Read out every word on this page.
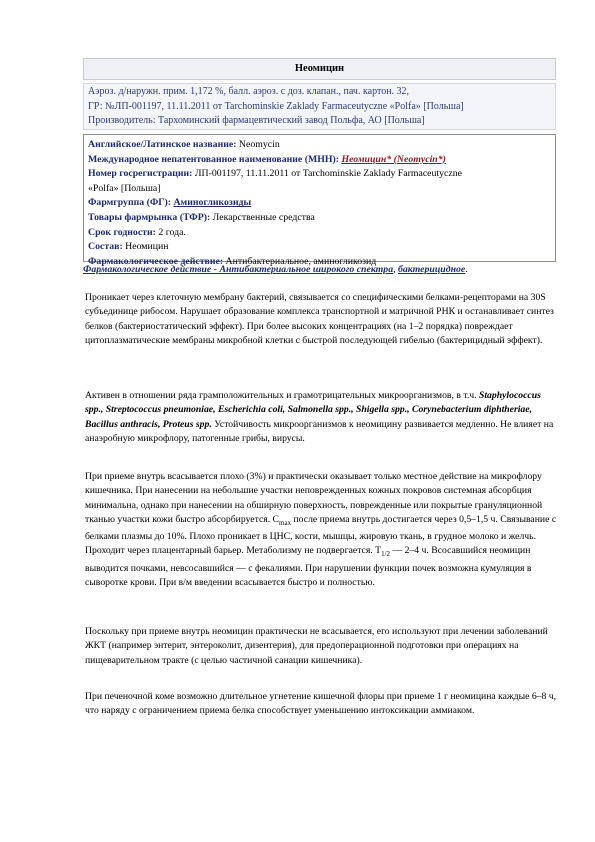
Неомицин
Аэроз. д/наружн. прим. 1,172 %, балл. аэроз. с доз. клапан., пач. картон. 32,
ГР: №ЛП-001197, 11.11.2011 от Tarchominskie Zaklady Farmaceutyczne «Polfa» [Польша]
Производитель: Тархоминский фармацевтический завод Польфа, АО [Польша]
Английское/Латинское название: Neomycin
Международное непатентованное наименование (МНН): Неомицин* (Neomycin*)
Номер госрегистрации: ЛП-001197, 11.11.2011 от Tarchominskie Zaklady Farmaceutyczne
«Polfa» [Польша]
Фармгруппа (ФГ): Аминогликозиды
Товары фармрынка (ТФР): Лекарственные средства
Срок годности: 2 года.
Состав: Неомицин
Фармакологическое действие: Антибактериальное, аминогликозид
Фармакологическое действие - Антибактериальное широкого спектра, бактерицидное.

Проникает через клеточную мембрану бактерий, связывается со специфическими белками-рецепторами на 30S субъединице рибосом. Нарушает образование комплекса транспортной и матричной РНК и останавливает синтез белков (бактериостатический эффект). При более высоких концентрациях (на 1–2 порядка) повреждает цитоплазматические мембраны микробной клетки с быстрой последующей гибелью (бактерицидный эффект).

Активен в отношении ряда грамположительных и грамотрицательных микроорганизмов, в т.ч. Staphylococcus spp., Streptococcus pneumoniae, Escherichia coli, Salmonella spp., Shigella spp., Corynebacterium diphtheriae, Bacillus anthracis, Proteus spp. Устойчивость микроорганизмов к неомицину развивается медленно. Не влияет на анаэробную микрофлору, патогенные грибы, вирусы.

При приеме внутрь всасывается плохо (3%) и практически оказывает только местное действие на микрофлору кишечника. При нанесении на небольшие участки неповрежденных кожных покровов системная абсорбция минимальна, однако при нанесении на обширную поверхность, поврежденные или покрытые грануляционной тканью участки кожи быстро абсорбируется. $C_{max}$ после приема внутрь достигается через 0,5–1,5 ч. Связывание с белками плазмы до 10%. Плохо проникает в ЦНС, кости, мышцы, жировую ткань, в грудное молоко и желчь. Проходит через плацентарный барьер. Метаболизму не подвергается. $T_{1/2}$ — 2–4 ч. Всосавшийся неомицин выводится почками, невсосавшийся — с фекалиями. При нарушении функции почек возможна кумуляция в сыворотке крови. При в/м введении всасывается быстро и полностью.

Поскольку при приеме внутрь неомицин практически не всасывается, его используют при лечении заболеваний ЖКТ (например энтерит, энтероколит, дизентерия), для предоперационной подготовки при операциях на пищеварительном тракте (с целью частичной санации кишечника).

При печеночной коме возможно длительное угнетение кишечной флоры при приеме 1 г неомицина каждые 6–8 ч, что наряду с ограничением приема белка способствует уменьшению интоксикации аммиаком.
